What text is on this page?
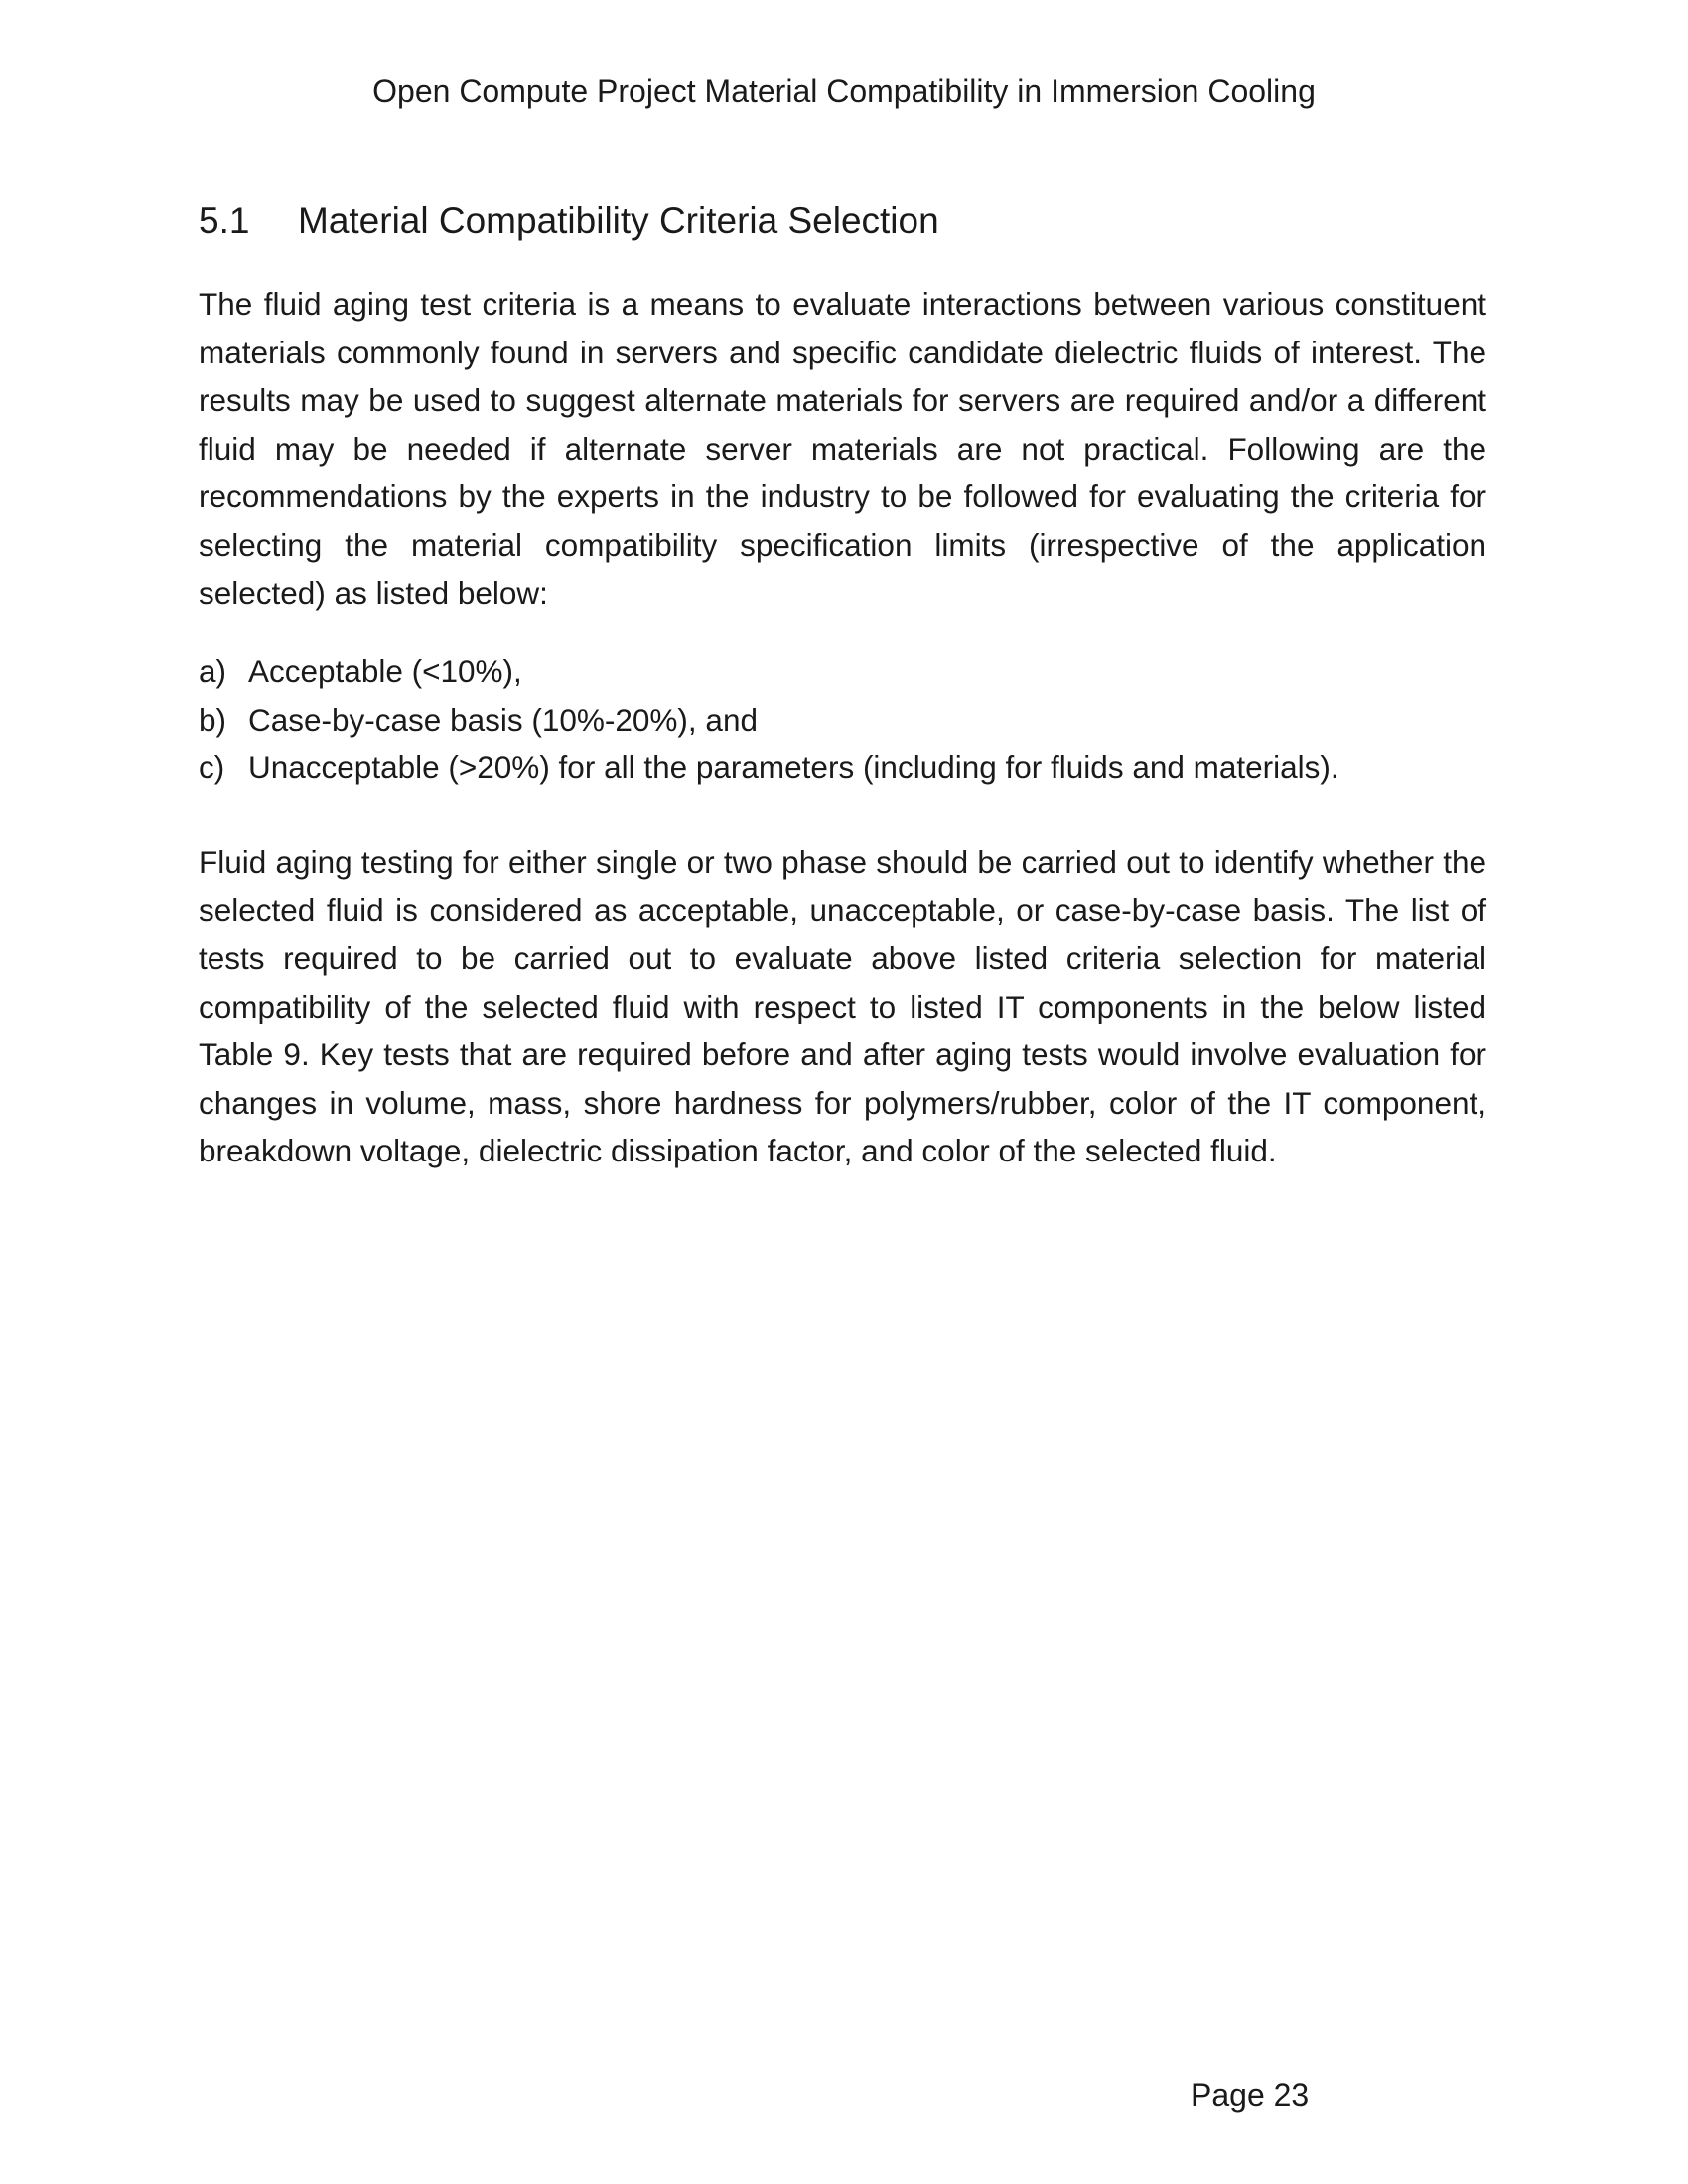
Open Compute Project Material Compatibility in Immersion Cooling
5.1 Material Compatibility Criteria Selection

The fluid aging test criteria is a means to evaluate interactions between various constituent materials commonly found in servers and specific candidate dielectric fluids of interest. The results may be used to suggest alternate materials for servers are required and/or a different fluid may be needed if alternate server materials are not practical. Following are the recommendations by the experts in the industry to be followed for evaluating the criteria for selecting the material compatibility specification limits (irrespective of the application selected) as listed below:

a) Acceptable (<10%),
b) Case-by-case basis (10%-20%), and
c) Unacceptable (>20%) for all the parameters (including for fluids and materials).

Fluid aging testing for either single or two phase should be carried out to identify whether the selected fluid is considered as acceptable, unacceptable, or case-by-case basis. The list of tests required to be carried out to evaluate above listed criteria selection for material compatibility of the selected fluid with respect to listed IT components in the below listed Table 9. Key tests that are required before and after aging tests would involve evaluation for changes in volume, mass, shore hardness for polymers/rubber, color of the IT component, breakdown voltage, dielectric dissipation factor, and color of the selected fluid.

Page 23
